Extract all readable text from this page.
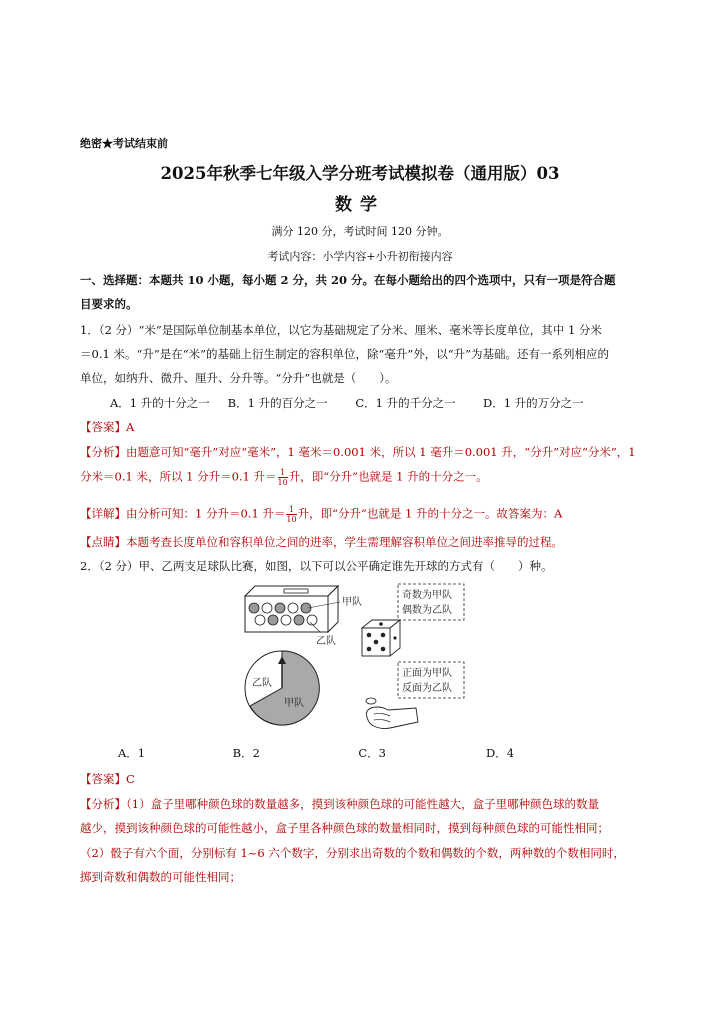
绝密★考试结束前
2025年秋季七年级入学分班考试模拟卷（通用版）03
数学
满分 120 分，考试时间 120 分钟。
考试内容：小学内容+小升初衔接内容
一、选择题：本题共 10 小题，每小题 2 分，共 20 分。在每小题给出的四个选项中，只有一项是符合题
目要求的。
1．（2 分）“米”是国际单位制基本单位，以它为基础规定了分米、厘米、毫米等长度单位，其中 1 分米
＝0.1 米。“升”是在“米”的基础上衍生制定的容积单位，除“毫升”外，以“升”为基础。还有一系列相应的
单位，如纳升、微升、厘升、分升等。“分升”也就是（　　）。
A．1 升的十分之一 B．1 升的百分之一 C．1 升的千分之一 D．1 升的万分之一
【答案】A
【分析】由题意可知“毫升”对应“毫米”，1 毫米＝0.001 米，所以 1 毫升＝0.001 升，“分升”对应“分米”，1
分米＝0.1 米，所以 1 分升＝0.1 升＝ $\frac{1}{10}$ 升，即“分升”也就是 1 升的十分之一。
【详解】由分析可知：1 分升＝0.1 升＝ $\frac{1}{10}$ 升，即“分升”也就是 1 升的十分之一。故答案为：A
【点睛】本题考查长度单位和容积单位之间的进率，学生需理解容积单位之间进率推导的过程。
2．（2 分）甲、乙两支足球队比赛，如图，以下可以公平确定谁先开球的方式有（　　）种。
甲队
乙队
奇数为甲队
偶数为乙队
乙队
甲队
正面为甲队
反面为乙队
A．1	B．2	C．3	D．4
【答案】C
【分析】（1）盒子里哪种颜色球的数量越多，摸到该种颜色球的可能性越大，盒子里哪种颜色球的数量
越少，摸到该种颜色球的可能性越小，盒子里各种颜色球的数量相同时，摸到每种颜色球的可能性相同；
（2）骰子有六个面，分别标有 1~6 六个数字，分别求出奇数的个数和偶数的个数，两种数的个数相同时，
掷到奇数和偶数的可能性相同；
